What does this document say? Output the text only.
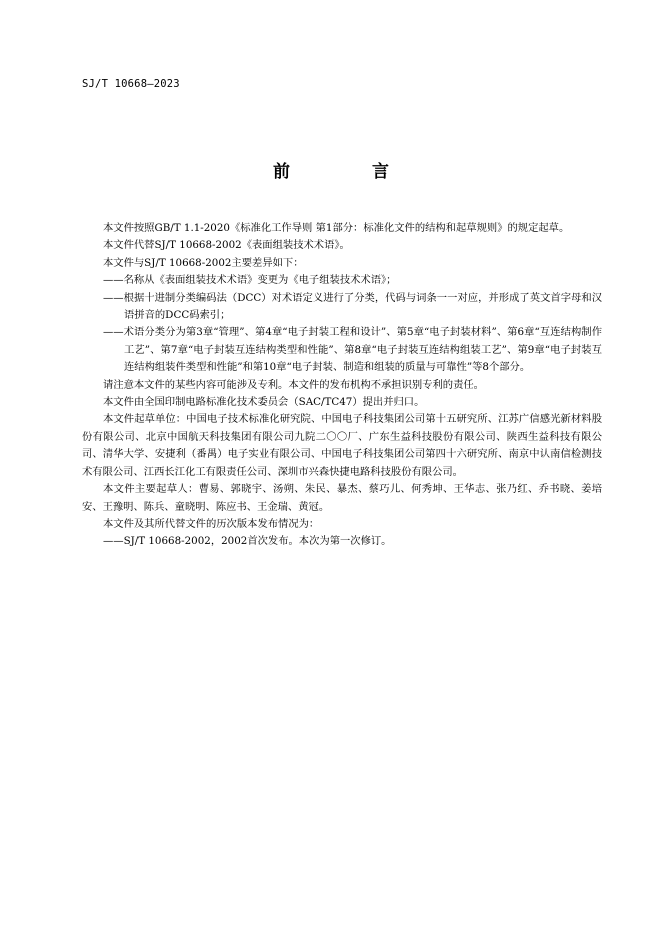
SJ/T 10668—2023
前 言

本文件按照GB/T 1.1-2020《标准化工作导则 第1部分：标准化文件的结构和起草规则》的规定起草。

本文件代替SJ/T 10668-2002《表面组装技术术语》。

本文件与SJ/T 10668-2002主要差异如下：

——名称从《表面组装技术术语》变更为《电子组装技术术语》；

——根据十进制分类编码法（DCC）对术语定义进行了分类，代码与词条一一对应，并形成了英文首字母和汉语拼音的DCC码索引；

——术语分类分为第3章“管理”、第4章“电子封装工程和设计”、第5章“电子封装材料”、第6章“互连结构制作工艺”、第7章“电子封装互连结构类型和性能”、第8章“电子封装互连结构组装工艺”、第9章“电子封装互连结构组装件类型和性能”和第10章“电子封装、制造和组装的质量与可靠性”等8个部分。

请注意本文件的某些内容可能涉及专利。本文件的发布机构不承担识别专利的责任。

本文件由全国印制电路标准化技术委员会（SAC/TC47）提出并归口。

本文件起草单位：中国电子技术标准化研究院、中国电子科技集团公司第十五研究所、江苏广信感光新材料股份有限公司、北京中国航天科技集团有限公司九院二〇〇厂、广东生益科技股份有限公司、陕西生益科技有限公司、清华大学、安捷利（番禺）电子实业有限公司、中国电子科技集团公司第四十六研究所、南京中认南信检测技术有限公司、江西长江化工有限责任公司、深圳市兴森快捷电路科技股份有限公司。

本文件主要起草人：曹易、郭晓宇、汤朔、朱民、暴杰、蔡巧儿、何秀坤、王华志、张乃红、乔书晓、姜培安、王豫明、陈兵、童晓明、陈应书、王金瑞、黄冠。

本文件及其所代替文件的历次版本发布情况为：

——SJ/T 10668-2002，2002首次发布。本次为第一次修订。
